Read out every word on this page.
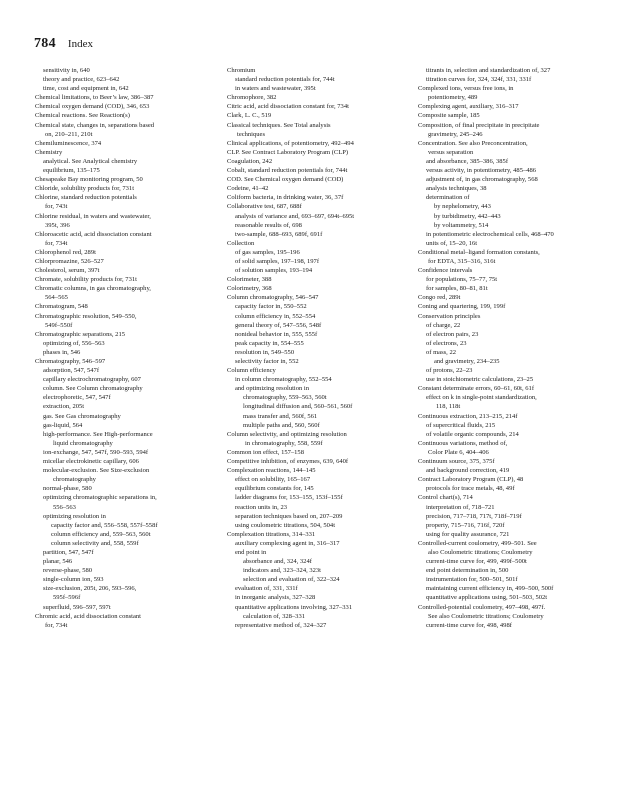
784 Index
sensitivity in, 640
theory and practice, 623–642
time, cost and equipment in, 642
Chemical limitations, to Beer’s law, 386–387
Chemical oxygen demand (COD), 346, 653
Chemical reactions. See Reaction(s)
Chemical state, changes in, separations based
on, 210–211, 210t
Chemiluminescence, 374
Chemistry
analytical. See Analytical chemistry
equilibrium, 135–175
Chesapeake Bay monitoring program, 50
Chloride, solubility products for, 731t
Chlorine, standard reduction potentials
for, 743t
Chlorine residual, in waters and wastewater,
395t, 396
Chloroacetic acid, acid dissociation constant
for, 734t
Chlorophenol red, 289t
Chlorpromazine, 526–527
Cholesterol, serum, 397t
Chromate, solubility products for, 731t
Chromatic columns, in gas chromatography,
564–565
Chromatogram, 548
Chromatographic resolution, 549–550,
549f–550f
Chromatographic separations, 215
optimizing of, 556–563
phases in, 546
Chromatography, 546–597
adsorption, 547, 547f
capillary electrochromatography, 607
column. See Column chromatography
electrophoretic, 547, 547f
extraction, 205t
gas. See Gas chromatography
gas-liquid, 564
high-performance. See High-performance
liquid chromatography
ion-exchange, 547, 547f, 590–593, 594f
micellar electrokinetic capillary, 606
molecular-exclusion. See Size-exclusion
chromatography
normal-phase, 580
optimizing chromatographic separations in,
556–563
optimizing resolution in
capacity factor and, 556–558, 557f–558f
column efficiency and, 559–563, 560t
column selectivity and, 558, 559f
partition, 547, 547f
planar, 546
reverse-phase, 580
single-column ion, 593
size-exclusion, 205t, 206, 593–596,
595f–596f
superfluid, 596–597, 597t
Chromic acid, acid dissociation constant
for, 734t
Chromium
standard reduction potentials for, 744t
in waters and wastewater, 395t
Chromophore, 382
Citric acid, acid dissociation constant for, 734t
Clark, L. C., 519
Classical techniques. See Total analysis
techniques
Clinical applications, of potentiometry, 492–494
CLP. See Contract Laboratory Program (CLP)
Coagulation, 242
Cobalt, standard reduction potentials for, 744t
COD. See Chemical oxygen demand (COD)
Codeine, 41–42
Coliform bacteria, in drinking water, 36, 37f
Collaborative test, 687, 688f
analysis of variance and, 693–697, 694t–695t
reasonable results of, 698
two-sample, 688–693, 689f, 691f
Collection
of gas samples, 195–196
of solid samples, 197–198, 197f
of solution samples, 193–194
Colorimeter, 388
Colorimetry, 368
Column chromatography, 546–547
capacity factor in, 550–552
column efficiency in, 552–554
general theory of, 547–556, 548f
nonideal behavior in, 555, 555f
peak capacity in, 554–555
resolution in, 549–550
selectivity factor in, 552
Column efficiency
in column chromatography, 552–554
and optimizing resolution in
chromatography, 559–563, 560t
longitudinal diffusion and, 560–561, 560f
mass transfer and, 560f, 561
multiple paths and, 560, 560f
Column selectivity, and optimizing resolution
in chromatography, 558, 559f
Common ion effect, 157–158
Competitive inhibition, of enzymes, 639, 640f
Complexation reactions, 144–145
effect on solubility, 165–167
equilibrium constants for, 145
ladder diagrams for, 153–155, 153f–155f
reaction units in, 23
separation techniques based on, 207–209
using coulometric titrations, 504, 504t
Complexation titrations, 314–331
auxiliary complexing agent in, 316–317
end point in
absorbance and, 324, 324f
indicators and, 323–324, 323t
selection and evaluation of, 322–324
evaluation of, 331, 331f
in inorganic analysis, 327–328
quantitative applications involving, 327–331
calculation of, 328–331
representative method of, 324–327
titrants in, selection and standardization of, 327
titration curves for, 324, 324f, 331, 331f
Complexed ions, versus free ions, in
potentiometry, 489
Complexing agent, auxiliary, 316–317
Composite sample, 185
Composition, of final precipitate in precipitate
gravimetry, 245–246
Concentration. See also Preconcentration,
versus separation
and absorbance, 385–386, 385f
versus activity, in potentiometry, 485–486
adjustment of, in gas chromatography, 568
analysis techniques, 38
determination of
by nephelometry, 443
by turbidimetry, 442–443
by voltammetry, 514
in potentiometric electrochemical cells, 468–470
units of, 15–20, 16t
Conditional metal–ligand formation constants,
for EDTA, 315–316, 316t
Confidence intervals
for populations, 75–77, 75t
for samples, 80–81, 81t
Congo red, 289t
Coning and quartering, 199, 199f
Conservation principles
of charge, 22
of electron pairs, 23
of electrons, 23
of mass, 22
and gravimetry, 234–235
of protons, 22–23
use in stoichiometric calculations, 23–25
Constant determinate errors, 60–61, 60t, 61f
effect on k in single-point standardization,
118, 118t
Continuous extraction, 213–215, 214f
of supercritical fluids, 215
of volatile organic compounds, 214
Continuous variations, method of,
Color Plate 6, 404–406
Continuum source, 375, 375f
and background correction, 419
Contract Laboratory Program (CLP), 48
protocols for trace metals, 48, 49f
Control chart(s), 714
interpretation of, 718–721
precision, 717–718, 717t, 718f–719f
property, 715–716, 716f, 720f
using for quality assurance, 721
Controlled-current coulometry, 499–501. See
also Coulometric titrations; Coulometry
current-time curve for, 499, 499f–500t
end point determination in, 500
instrumentation for, 500–501, 501f
maintaining current efficiency in, 499–500, 500f
quantitative applications using, 501–503, 502t
Controlled-potential coulometry, 497–498, 497f.
See also Coulometric titrations; Coulometry
current-time curve for, 498, 498f
